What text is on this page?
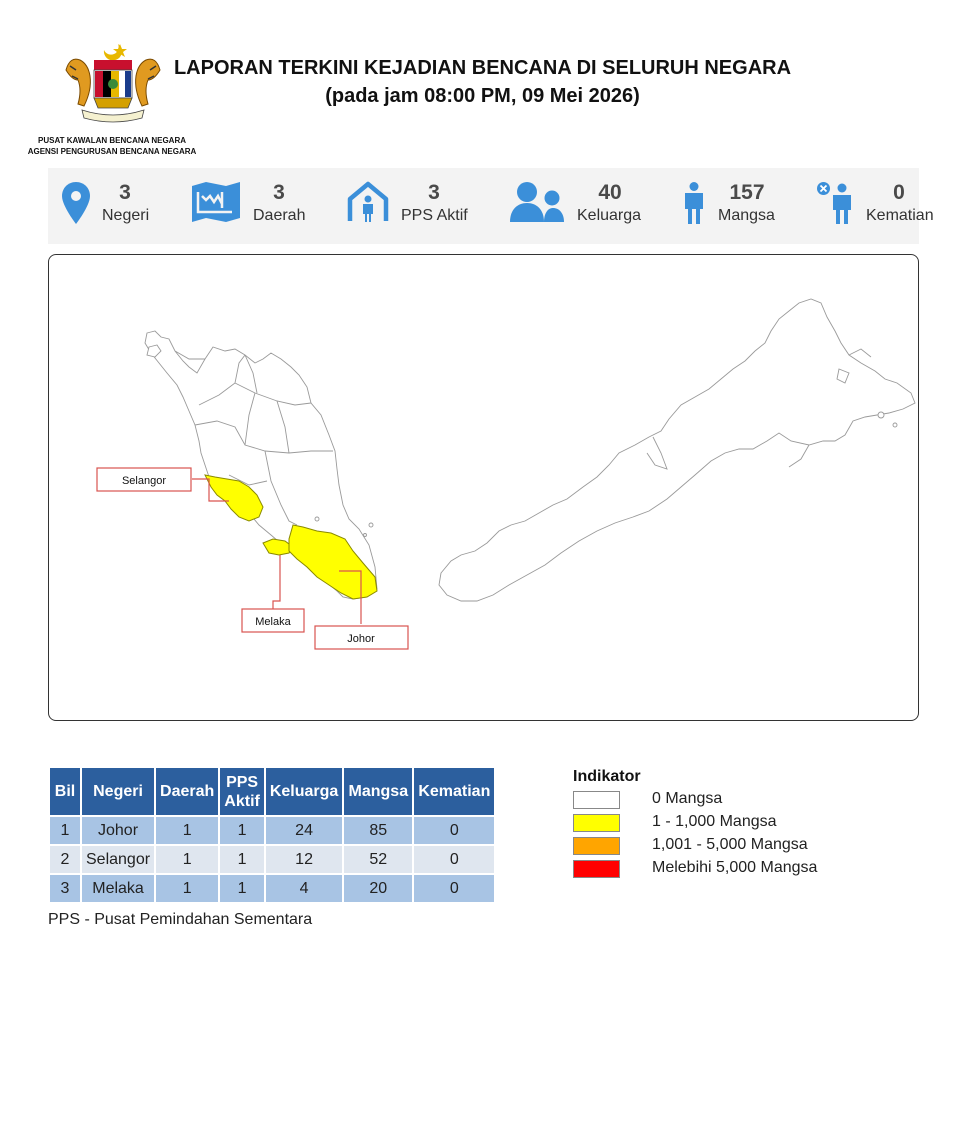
PUSAT KAWALAN BENCANA NEGARA
AGENSI PENGURUSAN BENCANA NEGARA
LAPORAN TERKINI KEJADIAN BENCANA DI SELURUH NEGARA
(pada jam 08:00 PM, 09 Mei 2026)
3
Negeri
3
Daerah
3
PPS Aktif
40
Keluarga
157
Mangsa
0
Kematian
Selangor
Melaka
Johor
Bil	Negeri	Daerah	PPS Aktif	Keluarga	Mangsa	Kematian
1	Johor	1	1	24	85	0
2	Selangor	1	1	12	52	0
3	Melaka	1	1	4	20	0
PPS - Pusat Pemindahan Sementara
Indikator
0 Mangsa
1 - 1,000 Mangsa
1,001 - 5,000 Mangsa
Melebihi 5,000 Mangsa
